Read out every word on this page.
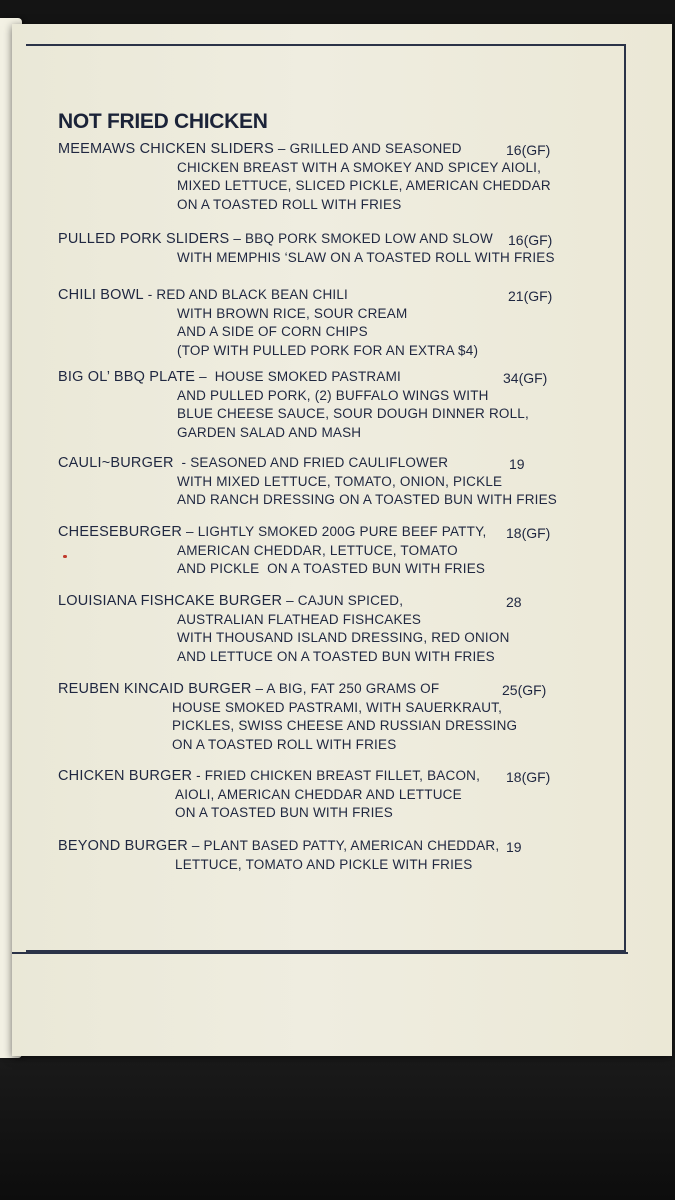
NOT FRIED CHICKEN
MEEMAWS CHICKEN SLIDERS – GRILLED AND SEASONED
CHICKEN BREAST WITH A SMOKEY AND SPICEY AIOLI,
MIXED LETTUCE, SLICED PICKLE, AMERICAN CHEDDAR
ON A TOASTED ROLL WITH FRIES
16(GF)
PULLED PORK SLIDERS – BBQ PORK SMOKED LOW AND SLOW
WITH MEMPHIS ‘SLAW ON A TOASTED ROLL WITH FRIES
16(GF)
CHILI BOWL - RED AND BLACK BEAN CHILI
WITH BROWN RICE, SOUR CREAM
AND A SIDE OF CORN CHIPS
(TOP WITH PULLED PORK FOR AN EXTRA $4)
21(GF)
BIG OL’ BBQ PLATE –  HOUSE SMOKED PASTRAMI
AND PULLED PORK, (2) BUFFALO WINGS WITH
BLUE CHEESE SAUCE, SOUR DOUGH DINNER ROLL,
GARDEN SALAD AND MASH
34(GF)
CAULI~BURGER  - SEASONED AND FRIED CAULIFLOWER
WITH MIXED LETTUCE, TOMATO, ONION, PICKLE
AND RANCH DRESSING ON A TOASTED BUN WITH FRIES
19
CHEESEBURGER – LIGHTLY SMOKED 200G PURE BEEF PATTY,
AMERICAN CHEDDAR, LETTUCE, TOMATO
AND PICKLE  ON A TOASTED BUN WITH FRIES
18(GF)
LOUISIANA FISHCAKE BURGER – CAJUN SPICED,
AUSTRALIAN FLATHEAD FISHCAKES
WITH THOUSAND ISLAND DRESSING, RED ONION
AND LETTUCE ON A TOASTED BUN WITH FRIES
28
REUBEN KINCAID BURGER – A BIG, FAT 250 GRAMS OF
HOUSE SMOKED PASTRAMI, WITH SAUERKRAUT,
PICKLES, SWISS CHEESE AND RUSSIAN DRESSING
ON A TOASTED ROLL WITH FRIES
25(GF)
CHICKEN BURGER - FRIED CHICKEN BREAST FILLET, BACON,
AIOLI, AMERICAN CHEDDAR AND LETTUCE
ON A TOASTED BUN WITH FRIES
18(GF)
BEYOND BURGER – PLANT BASED PATTY, AMERICAN CHEDDAR,
LETTUCE, TOMATO AND PICKLE WITH FRIES
19
